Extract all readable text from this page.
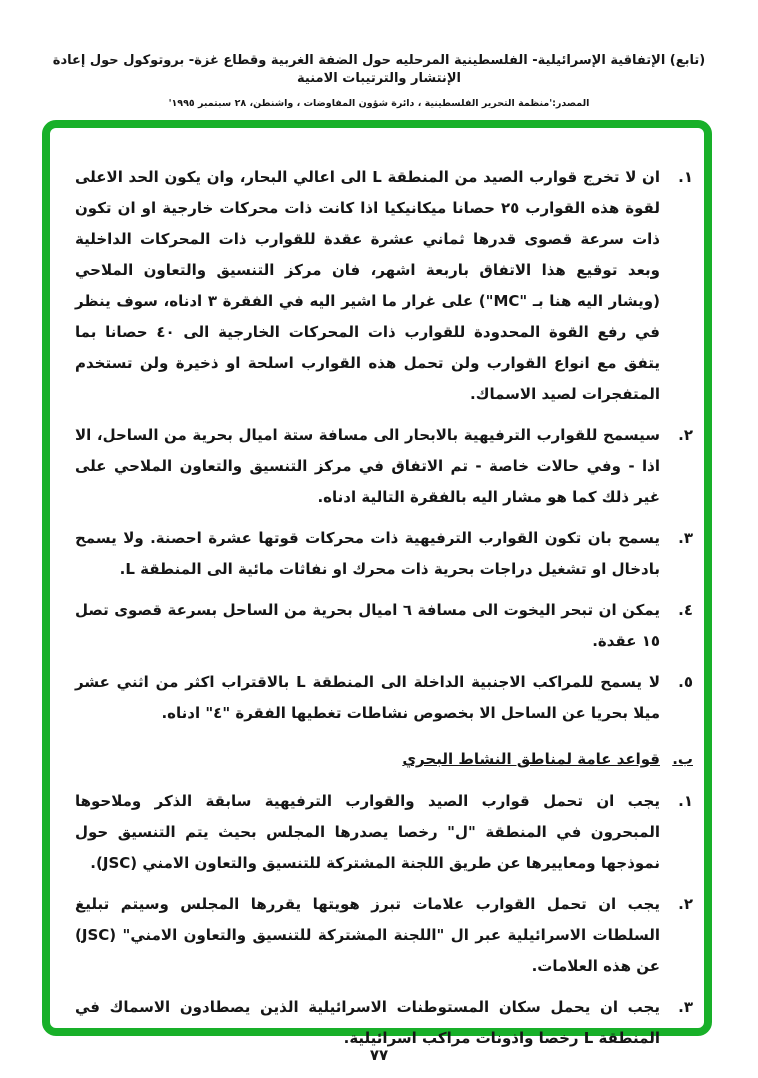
(تابع) الإتفاقية الإسرائيلية- الفلسطينية المرحليه حول الضفة الغربية وقطاع غزة- بروتوكول حول إعادة الإنتشار والترتيبات الامنية
المصدر:'منظمة التحرير الفلسطينية ، دائرة شؤون المفاوضات ، واشنطن، ٢٨ سبتمبر ١٩٩٥'
١.

ان لا تخرج قوارب الصيد من المنطقة L الى اعالي البحار، وان يكون الحد الاعلى لقوة هذه القوارب ٢٥ حصانا ميكانيكيا اذا كانت ذات محركات خارجية او ان تكون ذات سرعة قصوى قدرها ثماني عشرة عقدة للقوارب ذات المحركات الداخلية وبعد توقيع هذا الاتفاق باربعة اشهر، فان مركز التنسيق والتعاون الملاحي (ويشار اليه هنا بـ "MC") على غرار ما اشير اليه في الفقرة ٣ ادناه، سوف ينظر في رفع القوة المحدودة للقوارب ذات المحركات الخارجية الى ٤٠ حصانا بما يتفق مع انواع القوارب ولن تحمل هذه القوارب اسلحة او ذخيرة ولن تستخدم المتفجرات لصيد الاسماك.

٢.

سيسمح للقوارب الترفيهية بالابحار الى مسافة ستة اميال بحرية من الساحل، الا اذا - وفي حالات خاصة - تم الاتفاق في مركز التنسيق والتعاون الملاحي على غير ذلك كما هو مشار اليه بالفقرة التالية ادناه.

٣.

يسمح بان تكون القوارب الترفيهية ذات محركات قوتها عشرة احصنة. ولا يسمح بادخال او تشغيل دراجات بحرية ذات محرك او نفاثات مائية الى المنطقة L.

٤.

يمكن ان تبحر اليخوت الى مسافة ٦ اميال بحرية من الساحل بسرعة قصوى تصل ١٥ عقدة.

٥.

لا يسمح للمراكب الاجنبية الداخلة الى المنطقة L بالاقتراب اكثر من اثني عشر ميلا بحريا عن الساحل الا بخصوص نشاطات تغطيها الفقرة "٤" ادناه.

ب.
قواعد عامة لمناطق النشاط البحري
١.

يجب ان تحمل قوارب الصيد والقوارب الترفيهية سابقة الذكر وملاحوها المبحرون في المنطقة "ل" رخصا يصدرها المجلس بحيث يتم التنسيق حول نموذجها ومعاييرها عن طريق اللجنة المشتركة للتنسيق والتعاون الامني (JSC).

٢.

يجب ان تحمل القوارب علامات تبرز هويتها يقررها المجلس وسيتم تبليغ السلطات الاسرائيلية عبر ال "اللجنة المشتركة للتنسيق والتعاون الامني" (JSC) عن هذه العلامات.

٣.

يجب ان يحمل سكان المستوطنات الاسرائيلية الذين يصطادون الاسماك في المنطقة L رخصا واذونات مراكب اسرائيلية.

٧٧
